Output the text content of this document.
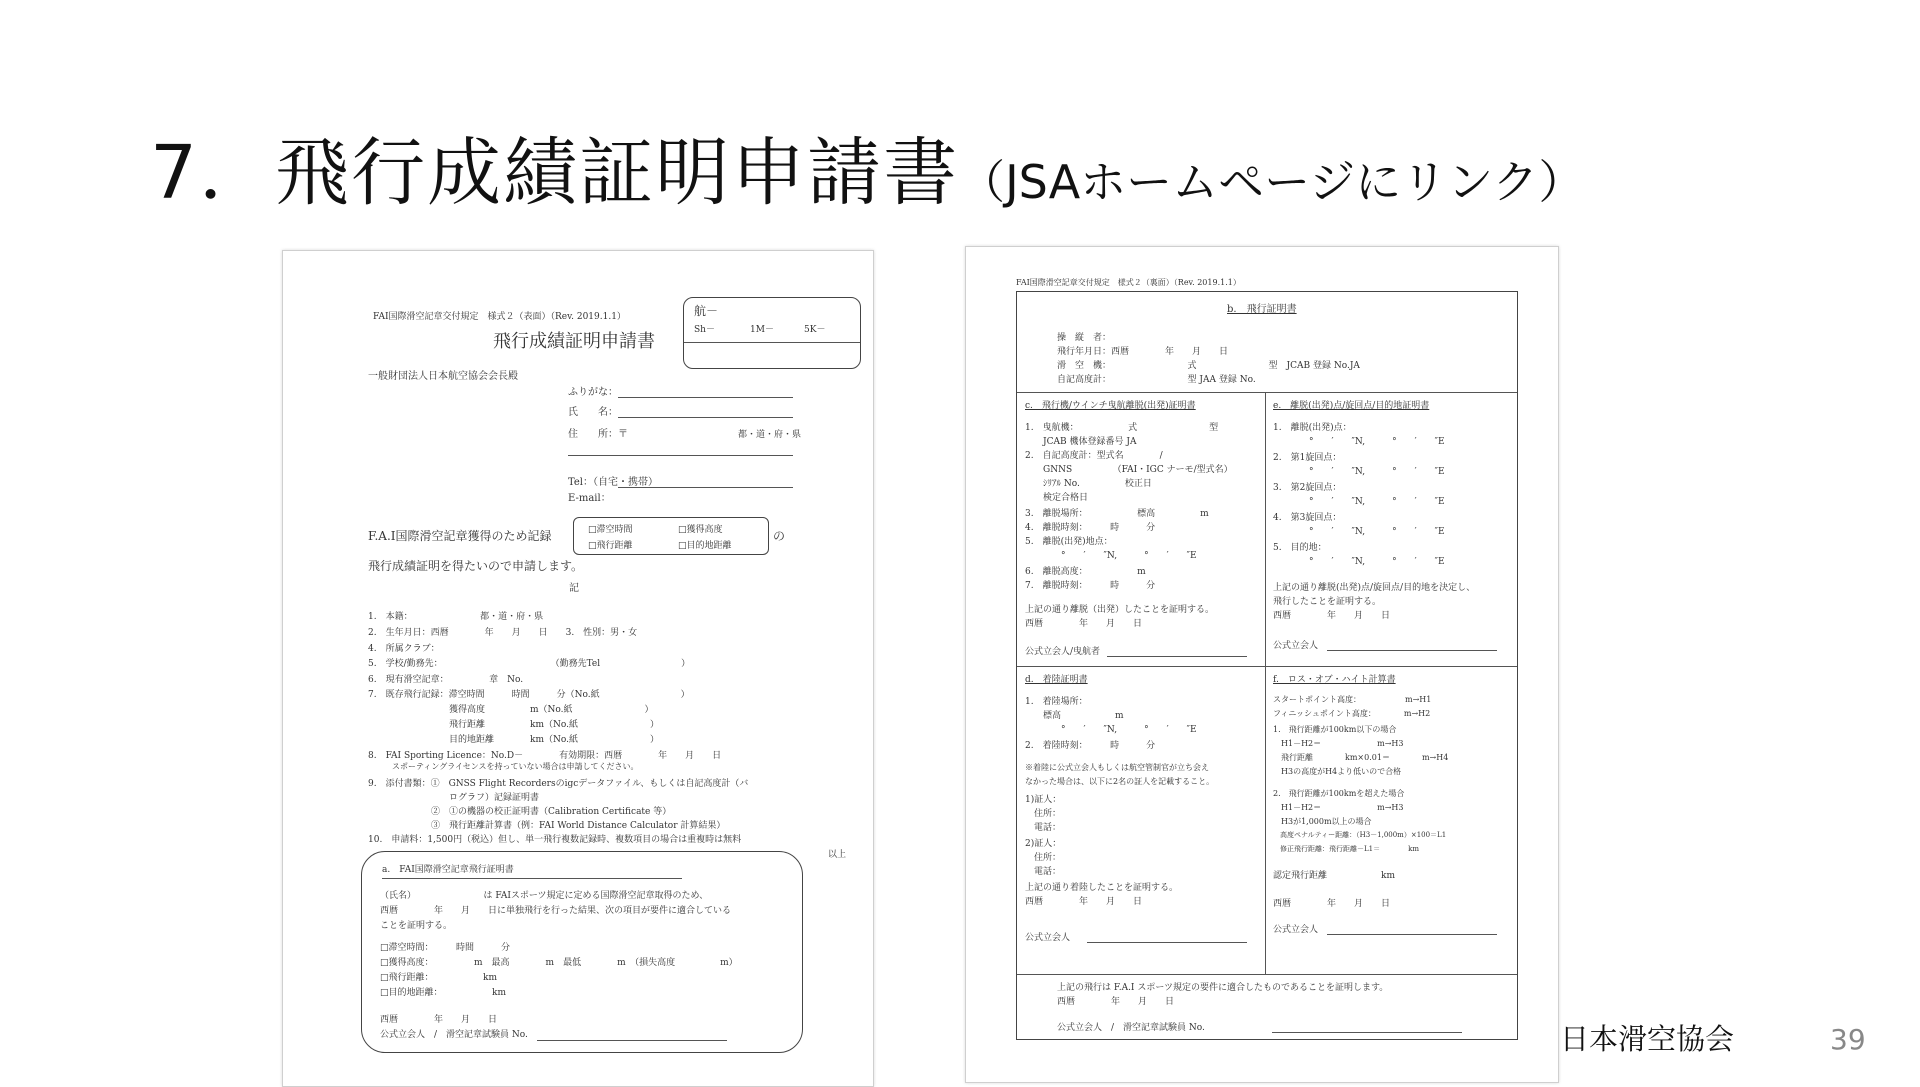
7．飛行成績証明申請書 （JSAホームページにリンク）
FAI国際滑空記章交付規定　様式２（表面）（Rev. 2019.1.1）
飛行成績証明申請書
航－
Sh－	1M－	5K－
一般財団法人日本航空協会会長殿
ふりがな：
氏　　名：
住　　所：〒	都・道・府・県
Tel：（自宅・携帯）
E-mail：
F.A.I国際滑空記章獲得のため記録	□滞空時間	□獲得高度
□飛行距離	□目的地距離
の
飛行成績証明を得たいので申請します。
記
1.　本籍：　　　　　　　　都・道・府・県
2.　生年月日：西暦　　　　年　　月　　日　　3.　性別：男・女
4.　所属クラブ：
5.　学校/勤務先：　　　　　　　　　　　　　（勤務先Tel　　　　　　　　　）
6.　現有滑空記章：　　　　　章　No.
7.　既存飛行記録：滞空時間　　　時間　　　分（No.紙　　　　　　　　　）
　　　　　　　　　獲得高度　　　　　m（No.紙　　　　　　　　）
　　　　　　　　　飛行距離　　　　　km（No.紙　　　　　　　　）
　　　　　　　　　目的地距離　　　　km（No.紙　　　　　　　　）
8.　FAI Sporting Licence：No.D－　　　　有効期限：西暦　　　　年　　月　　日
　　　スポーティングライセンスを持っていない場合は申請してください。
9.　添付書類：①　GNSS Flight Recordersのigcデータファイル、もしくは自記高度計（バ
　　　　　　　　　ログラフ）記録証明書
　　　　　　　②　①の機器の校正証明書（Calibration Certificate 等）
　　　　　　　③　飛行距離計算書（例：FAI World Distance Calculator 計算結果）
10.　申請料：1,500円（税込）但し、単一飛行複数記録時、複数項目の場合は重複時は無料
以上
a.　FAI国際滑空記章飛行証明書
（氏名）　　　　　　　　は FAIスポーツ規定に定める国際滑空記章取得のため、
西暦　　　　年　　月　　日に単独飛行を行った結果、次の項目が要件に適合している
ことを証明する。
□滞空時間：　　　時間　　　分
□獲得高度：　　　　　m　最高　　　　m　最低　　　　m　（損失高度　　　　　m）
□飛行距離：　　　　　　km
□目的地距離：　　　　　　km
西暦　　　　年　　月　　日
公式立会人　/　滑空記章試験員 No.
FAI国際滑空記章交付規定　様式２（裏面）（Rev. 2019.1.1）
b.　飛行証明書
操　縦　者：
飛行年月日：西暦　　　　年　　月　　日
滑　空　機：　　　　　　　　　式　　　　　　　　型　JCAB 登録 No.JA
自記高度計：　　　　　　　　　型 JAA 登録 No.
c.　飛行機/ウインチ曳航離脱(出発)証明書
1.　曳航機：　　　　　　式　　　　　　　　型
　　JCAB 機体登録番号 JA
2.　自記高度計：型式名　　　　/
　　GNNS　　　　　（FAI・IGC ナーモ/型式名）
　　ｼﾘｱﾙ No.　　　　　校正日
　　検定合格日
3.　離脱場所：　　　　　　標高　　　　　m
4.　離脱時刻：　　　時　　　分
5.　離脱(出発)地点：
　　　　°　　′　　″N,　　　°　　′　　″E
6.　離脱高度：　　　　　　m
7.　離脱時刻：　　　時　　　分
上記の通り離脱（出発）したことを証明する。
西暦　　　　年　　月　　日
公式立会人/曳航者
e.　離脱(出発)点/旋回点/目的地証明書
1.　離脱(出発)点：
　　　　°　　′　　″N,　　　°　　′　　″E
2.　第1旋回点：
　　　　°　　′　　″N,　　　°　　′　　″E
3.　第2旋回点：
　　　　°　　′　　″N,　　　°　　′　　″E
4.　第3旋回点：
　　　　°　　′　　″N,　　　°　　′　　″E
5.　目的地：
　　　　°　　′　　″N,　　　°　　′　　″E
上記の通り離脱(出発)点/旋回点/目的地を決定し、
飛行したことを証明する。
西暦　　　　年　　月　　日
公式立会人
d.　着陸証明書
1.　着陸場所：
　　標高　　　　　　m
　　　　°　　′　　″N,　　　°　　′　　″E
2.　着陸時刻：　　　時　　　分
※着陸に公式立会人もしくは航空管制官が立ち会え
なかった場合は、以下に2名の証人を記載すること。
1)証人：
　住所：
　電話：
2)証人：
　住所：
　電話：
上記の通り着陸したことを証明する。
西暦　　　　年　　月　　日
公式立会人
f.　ロス・オブ・ハイト計算書
スタートポイント高度：　　　　　　m→H1
フィニッシュポイント高度：　　　　m→H2
1.　飛行距離が100km以下の場合
　H1－H2＝　　　　　　　m→H3
　飛行距離　　　　km×0.01＝　　　　m→H4
　H3の高度がH4より低いので合格
2.　飛行距離が100kmを超えた場合
　H1－H2＝　　　　　　　m→H3
　H3が1,000m以上の場合
　高度ペナルティー距離：（H3－1,000m）×100＝L1
　修正飛行距離：飛行距離－L1＝　　　　km
認定飛行距離　　　　　　km
西暦　　　　年　　月　　日
公式立会人
上記の飛行は F.A.I スポーツ規定の要件に適合したものであることを証明します。
西暦　　　　年　　月　　日
公式立会人　/　滑空記章試験員 No.	日本滑空協会	39
